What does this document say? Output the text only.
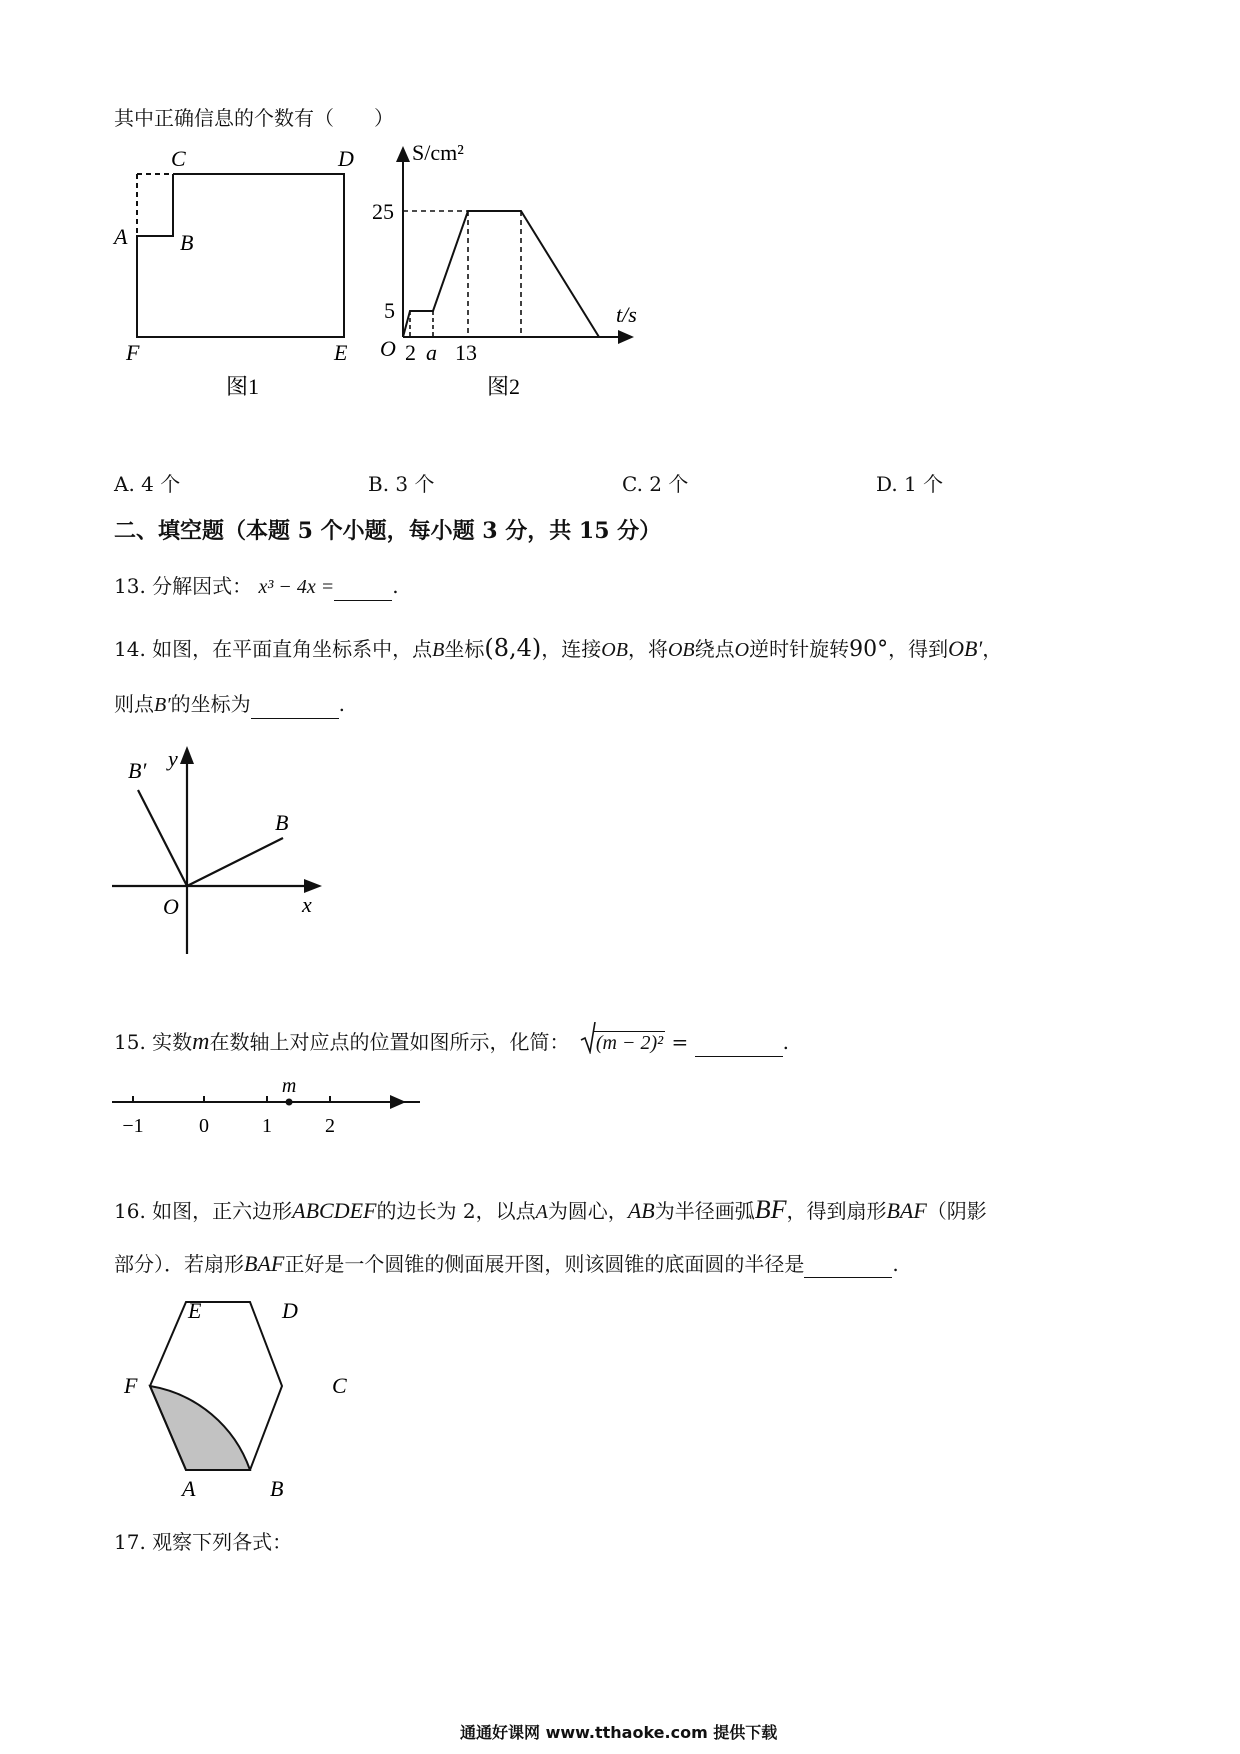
其中正确信息的个数有（　　）
C	D
A B
F	E
图1
S/cm²
t/s
25
5
O 2 a 13
图2
A. 4 个	B. 3 个	C. 2 个	D. 1 个
二、填空题（本题 5 个小题，每小题 3 分，共 15 分）
13. 分解因式： x³ − 4x =	.
14. 如图，在平面直角坐标系中，点B坐标(8,4)，连接OB，将OB绕点O逆时针旋转90°，得到OB′，
则点B′的坐标为	.
B′ y
B
O	x
15. 实数m在数轴上对应点的位置如图所示，化简： (m − 2)² =	.
m
−1	0	1	2
16. 如图，正六边形ABCDEF的边长为 2，以点A为圆心，AB为半径画弧BF，得到扇形BAF（阴影
部分）．若扇形BAF正好是一个圆锥的侧面展开图，则该圆锥的底面圆的半径是	.
E	D
F	C
A	B
17. 观察下列各式：
通通好课网 www.tthaoke.com 提供下载
